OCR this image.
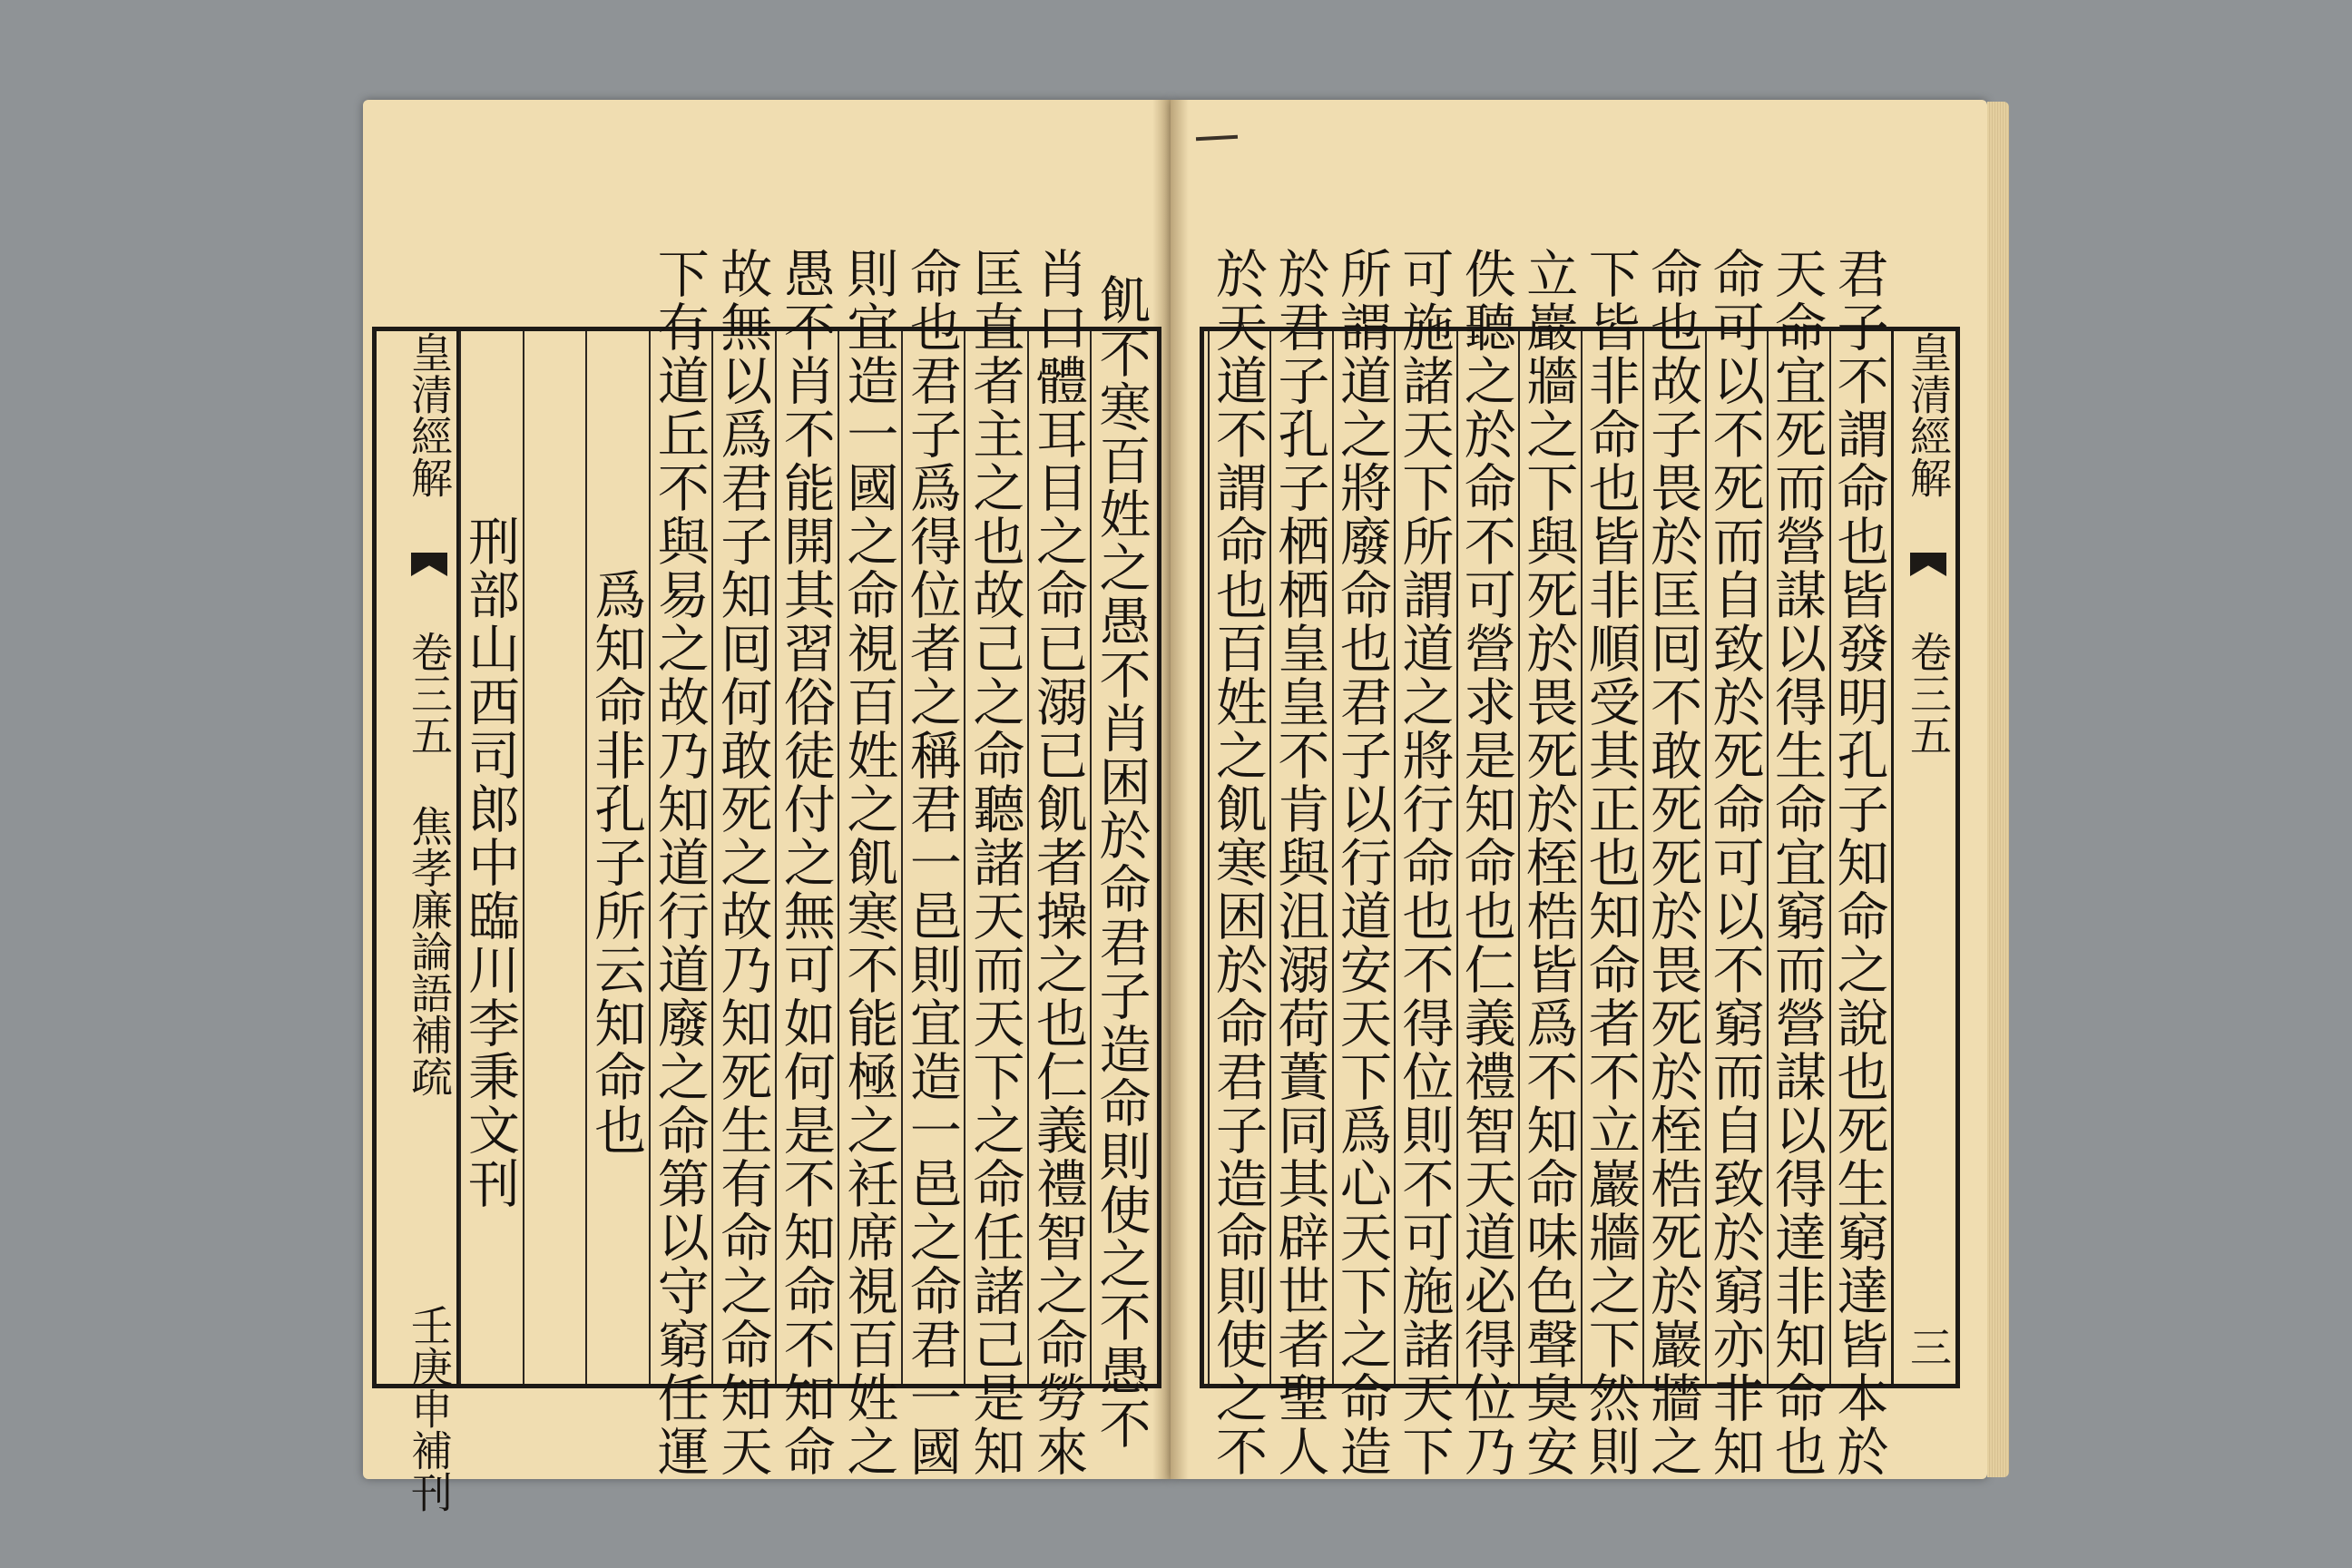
皇清經解  卷三五 焦孝廉論語補疏  壬庚申補刊	飢不寒百姓之愚不肖困於命君子造命則使之不愚不
肖口體耳目之命已溺已飢者操之也仁義禮智之命勞來
匡直者主之也故己之命聽諸天而天下之命任諸己是知
命也君子爲得位者之稱君一邑則宜造一邑之命君一國
則宜造一國之命視百姓之飢寒不能極之衽席視百姓之
愚不肖不能開其習俗徒付之無可如何是不知命不知命
故無以爲君子知囘何敢死之故乃知死生有命之命知天
下有道丘不與易之故乃知道行道廢之命第以守窮任運
爲知命非孔子所云知命也
刑部山西司郎中臨川李秉文刊	君子不謂命也皆發明孔子知命之說也死生窮達皆本於
天命宜死而營謀以得生命宜窮而營謀以得達非知命也
命可以不死而自致於死命可以不窮而自致於窮亦非知
命也故子畏於匡囘不敢死死於畏死於桎梏死於巖牆之
下皆非命也皆非順受其正也知命者不立巖牆之下然則
立巖牆之下與死於畏死於桎梏皆爲不知命味色聲臭安
佚聽之於命不可營求是知命也仁義禮智天道必得位乃
可施諸天下所謂道之將行命也不得位則不可施諸天下
所謂道之將廢命也君子以行道安天下爲心天下之命造
於君子孔子栖栖皇皇不肯與沮溺荷蕢同其辟世者聖人
於天道不謂命也百姓之飢寒困於命君子造命則使之不	皇清經解  卷三五  三
